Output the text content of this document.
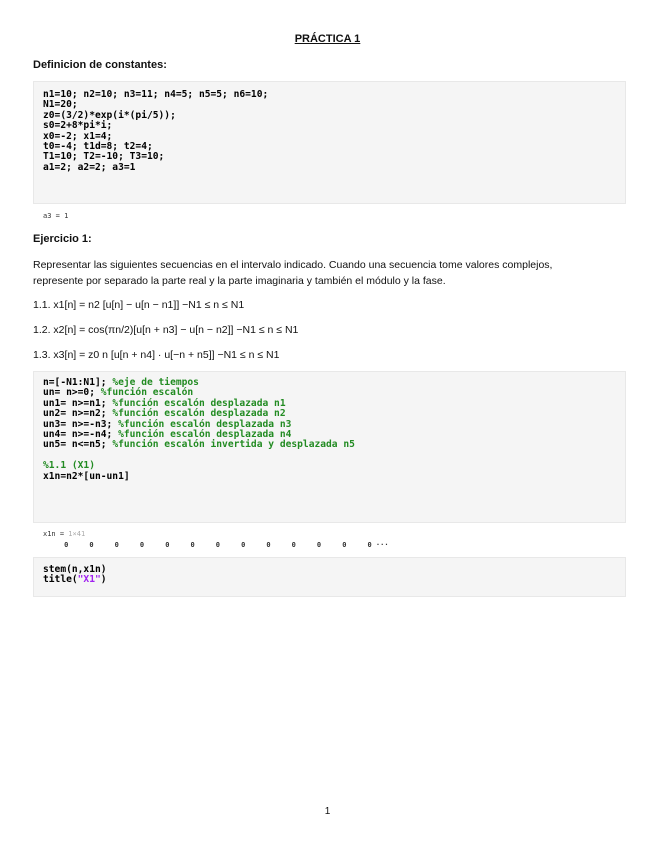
PRÁCTICA 1
Definicion de constantes:
n1=10; n2=10; n3=11; n4=5; n5=5; n6=10;
N1=20;
z0=(3/2)*exp(i*(pi/5));
s0=2+8*pi*i;
x0=-2; x1=4;
t0=-4; t1d=8; t2=4;
T1=10; T2=-10; T3=10;
a1=2; a2=2; a3=1
a3 = 1
Ejercicio 1:
Representar las siguientes secuencias en el intervalo indicado. Cuando una secuencia tome valores complejos,
represente por separado la parte real y la parte imaginaria y también el módulo y la fase.
1.1. x1[n] = n2 [u[n] − u[n − n1]] −N1 ≤ n ≤ N1
1.2. x2[n] = cos(πn/2)[u[n + n3] − u[n − n2]] −N1 ≤ n ≤ N1
1.3. x3[n] = z0 n [u[n + n4] · u[−n + n5]] −N1 ≤ n ≤ N1
n=[-N1:N1]; %eje de tiempos
un= n>=0; %función escalón
un1= n>=n1; %función escalón desplazada n1
un2= n>=n2; %función escalón desplazada n2
un3= n>=-n3; %función escalón desplazada n3
un4= n>=-n4; %función escalón desplazada n4
un5= n<=n5; %función escalón invertida y desplazada n5

%1.1 (X1)
x1n=n2*[un-un1]
x1n = 1×41
0     0     0     0     0     0     0     0     0     0     0     0     0 ···
stem(n,x1n)
title("X1")
1
